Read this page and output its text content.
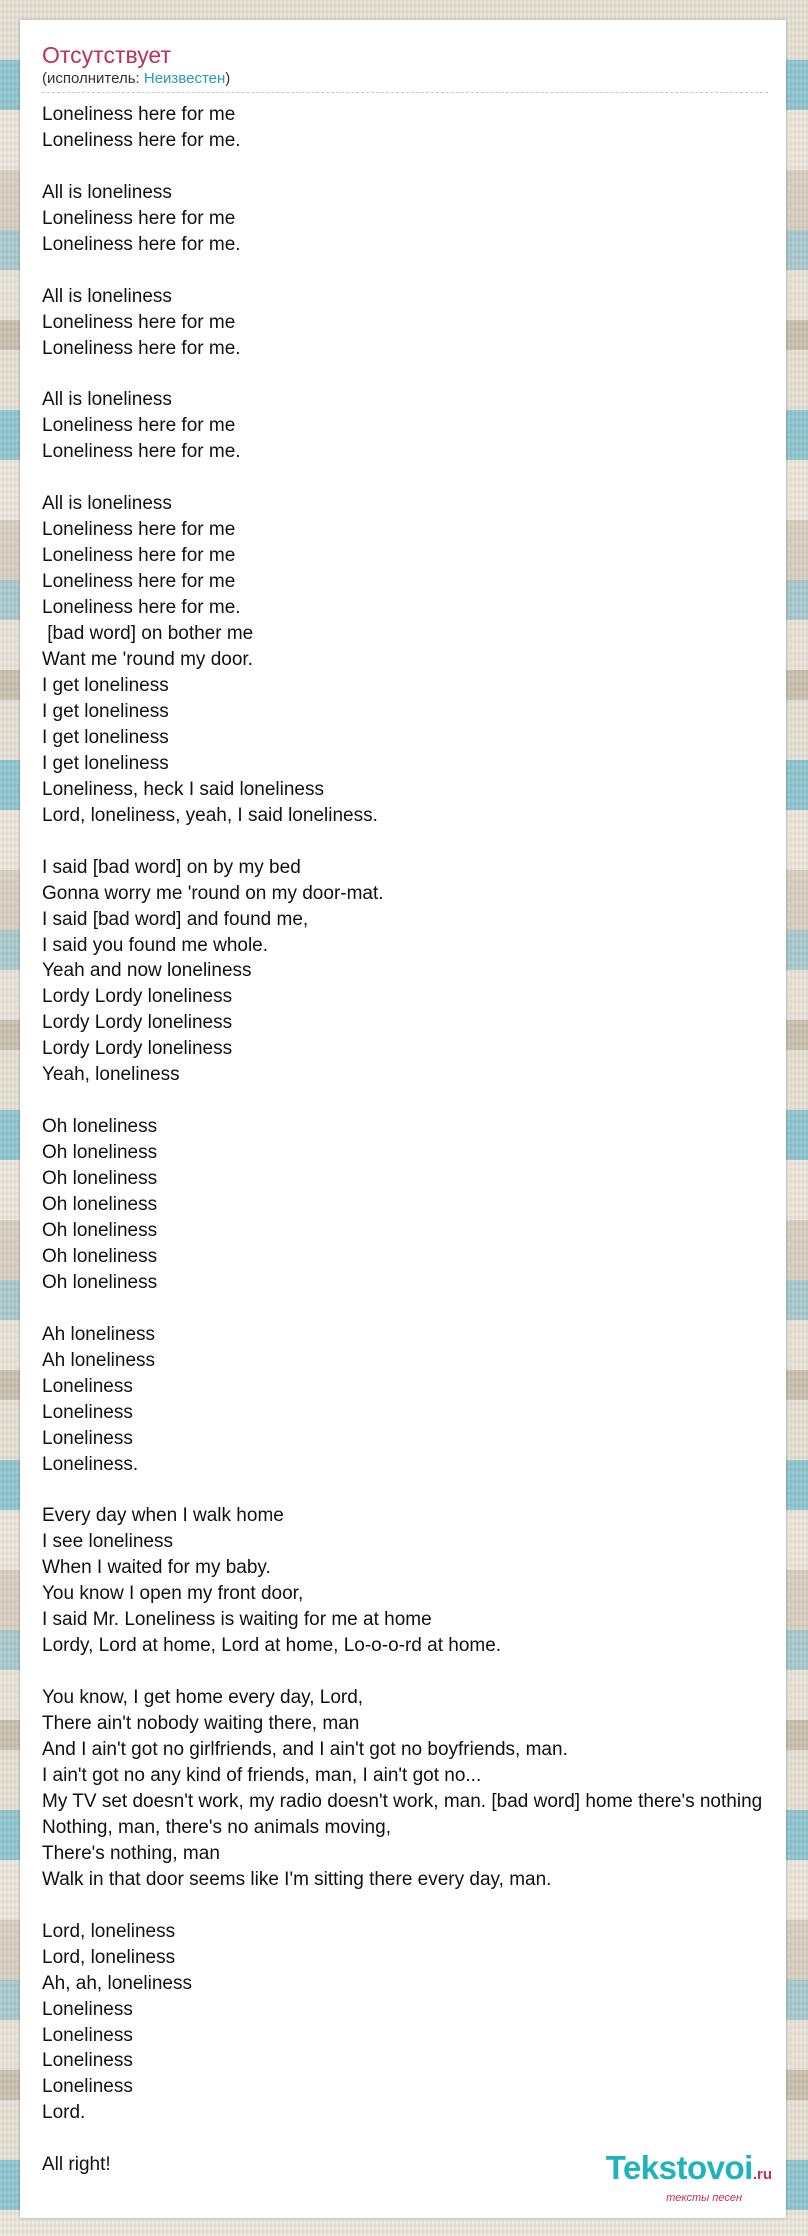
Отсутствует
(исполнитель: Неизвестен)
Loneliness here for me
Loneliness here for me.

All is loneliness
Loneliness here for me
Loneliness here for me.

All is loneliness
Loneliness here for me
Loneliness here for me.

All is loneliness
Loneliness here for me
Loneliness here for me.

All is loneliness
Loneliness here for me
Loneliness here for me
Loneliness here for me
Loneliness here for me.
[bad word] on bother me
Want me 'round my door.
I get loneliness
I get loneliness
I get loneliness
I get loneliness
Loneliness, heck I said loneliness
Lord, loneliness, yeah, I said loneliness.

I said [bad word] on by my bed
Gonna worry me 'round on my door-mat.
I said [bad word] and found me,
I said you found me whole.
Yeah and now loneliness
Lordy Lordy loneliness
Lordy Lordy loneliness
Lordy Lordy loneliness
Yeah, loneliness

Oh loneliness
Oh loneliness
Oh loneliness
Oh loneliness
Oh loneliness
Oh loneliness
Oh loneliness

Ah loneliness
Ah loneliness
Loneliness
Loneliness
Loneliness
Loneliness.

Every day when I walk home
I see loneliness
When I waited for my baby.
You know I open my front door,
I said Mr. Loneliness is waiting for me at home
Lordy, Lord at home, Lord at home, Lo-o-o-rd at home.

You know, I get home every day, Lord,
There ain't nobody waiting there, man
And I ain't got no girlfriends, and I ain't got no boyfriends, man.
I ain't got no any kind of friends, man, I ain't got no...
My TV set doesn't work, my radio doesn't work, man. [bad word] home there's nothing
Nothing, man, there's no animals moving,
There's nothing, man
Walk in that door seems like I'm sitting there every day, man.

Lord, loneliness
Lord, loneliness
Ah, ah, loneliness
Loneliness
Loneliness
Loneliness
Loneliness
Lord.

All right!	Tekstovoi.ru
тексты песен
